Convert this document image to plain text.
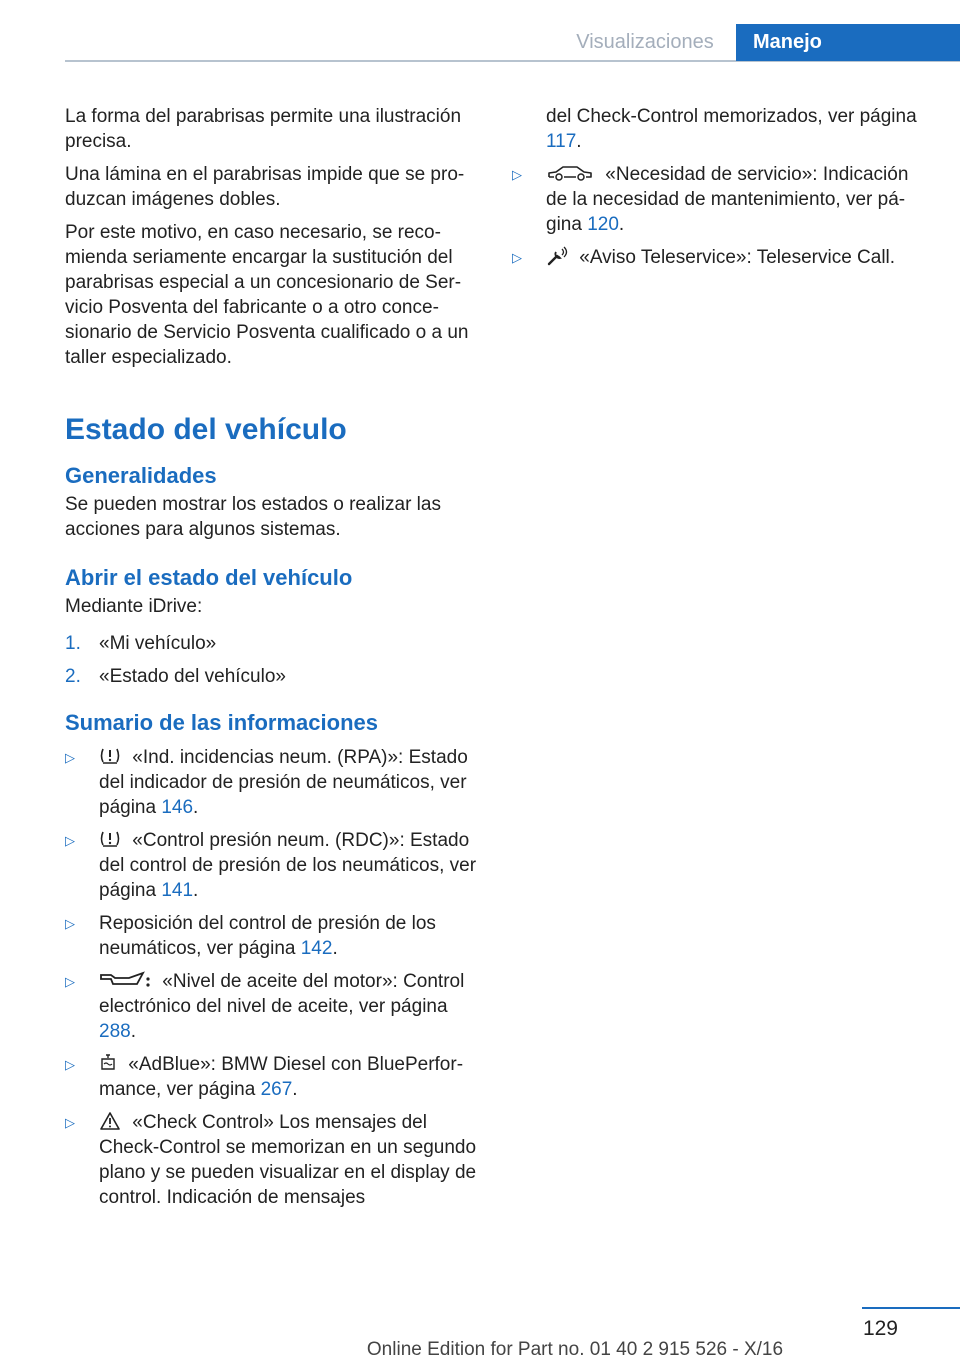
Visualizaciones	Manejo

La forma del parabrisas permite una ilustración precisa.

Una lámina en el parabrisas impide que se produzcan imágenes dobles.

Por este motivo, en caso necesario, se recomienda seriamente encargar la sustitución del parabrisas especial a un concesionario de Servicio Posventa del fabricante o a otro concesionario de Servicio Posventa cualificado o a un taller especializado.

Estado del vehículo
Generalidades

Se pueden mostrar los estados o realizar las acciones para algunos sistemas.

Abrir el estado del vehículo

Mediante iDrive:

1. «Mi vehículo»
2. «Estado del vehículo»
Sumario de las informaciones
▷	«Ind. incidencias neum. (RPA)»: Estado del indicador de presión de neumáticos, ver página 146.
▷	«Control presión neum. (RDC)»: Estado del control de presión de los neumáticos, ver página 141.
▷ Reposición del control de presión de los neumáticos, ver página 142.
▷	«Nivel de aceite del motor»: Control electrónico del nivel de aceite, ver página 288.
▷	«AdBlue»: BMW Diesel con BluePerformance, ver página 267.
▷	«Check Control» Los mensajes del Check-Control se memorizan en un segundo plano y se pueden visualizar en el display de control. Indicación de mensajes
del Check-Control memorizados, ver página 117.
▷	«Necesidad de servicio»: Indicación de la necesidad de mantenimiento, ver página 120.
▷	«Aviso Teleservice»: Teleservice Call.
129
Online Edition for Part no. 01 40 2 915 526 - X/16
